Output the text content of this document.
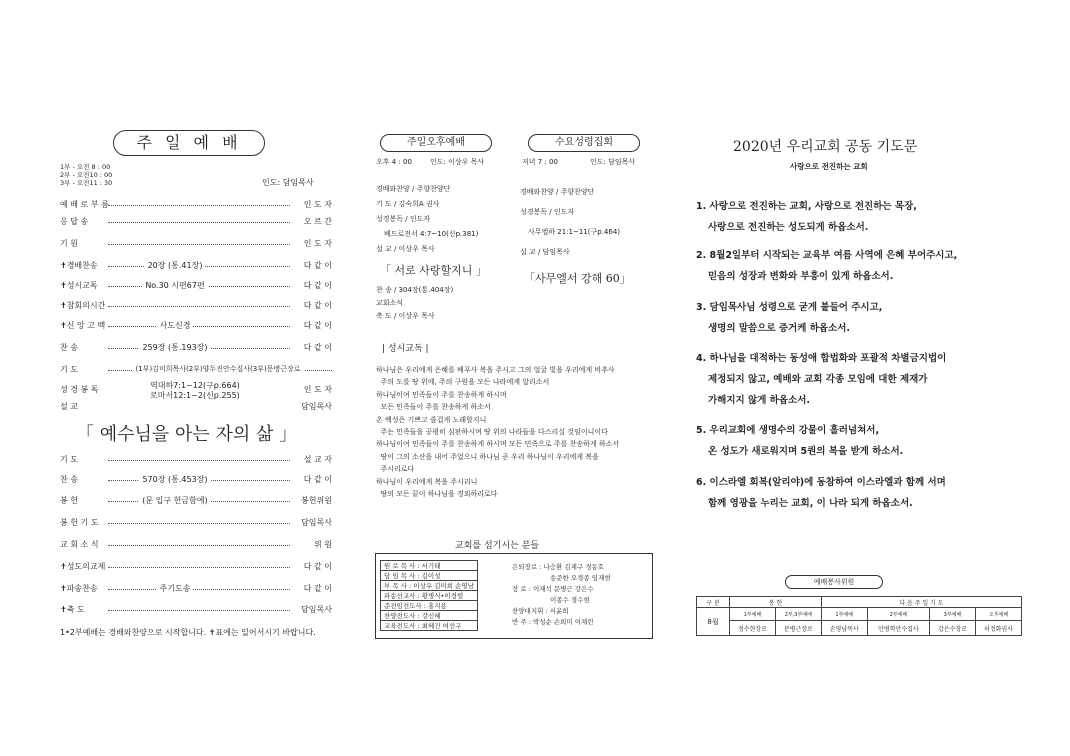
주 일 예 배
1부 - 오전 8 : 00
2부 - 오전10 : 00
3부 - 오전11 : 30	인도: 담임목사
예 배 로 부 름	인 도 자
응 답 송	오 르 간
기 원	인 도 자
✝경배찬송	20장 (통.41장)	다 같 이
✝성시교독	No.30 시편67편	다 같 이
✝참회의시간	다 같 이
✝신 앙 고 백	사도신경	다 같 이
찬 송	259장 (통.193장)	다 같 이
기 도	(1부)김미희목사(2부)양두진안수집사(3부)문병근장로
성 경 봉 독	역대하7:1~12(구p.664)
로마서12:1~2(신p.255)
인 도 자
설 교	담임목사
「 예수님을 아는 자의 삶 」
기 도	설 교 자
찬 송	570장 (통.453장)	다 같 이
봉 헌	(문 입구 헌금함에)	봉헌위원
봉 헌 기 도	담임목사
교 회 소 식	위 원
✝성도의교제	다 같 이
✝파송찬송	주기도송	다 같 이
✝축 도	담임목사
1•2부예배는 경배와찬양으로 시작합니다. ✝표에는 일어서시기 바랍니다.
주일오후예배	수요성령집회
오후 4 : 00	인도: 이상우 목사	저녁 7 : 00	인도: 담임목사
경배와찬양 / 주향찬양단
기 도 / 김숙희A 권사
성경봉독 / 인도자
베드로전서 4:7~10(신p.381)
설 교 / 이상우 목사
「 서로 사랑할지니 」
찬 송 / 304장(통.404장)
교회소식
축 도 / 이상우 목사
경배와찬양 / 주향찬양단
성경봉독 / 인도자
사무엘하 21:1~11(구p.464)
설 교 / 담임목사
「사무엘서 강해 60」
| 성시교독 |
하나님은 우리에게 은혜를 베푸사 복을 주시고 그의 얼굴 빛을 우리에게 비추사
주의 도를 땅 위에, 주의 구원을 모든 나라에게 알리소서
하나님이여 민족들이 주를 찬송하게 하시며
모든 민족들이 주를 찬송하게 하소서
온 백성은 기쁘고 즐겁게 노래할지니
주는 민족들을 공평히 심판하시며 땅 위의 나라들을 다스리실 것임이니이다
하나님이여 민족들이 주를 찬송하게 하시며 모든 민족으로 주를 찬송하게 하소서
땅이 그의 소산을 내어 주었으니 하나님 곧 우리 하나님이 우리에게 복을
주시리로다
하나님이 우리에게 복을 주시리니
땅의 모든 끝이 하나님을 경외하리로다
교회를 섬기시는 분들
원 로 목 사 : 서기태
담 임 목 사 : 김이성
부 목 사 : 이상우 김미희 손영남
파송선교사 : 황병식•이경렬
준전임전도사 : 홍지용
찬양전도사 : 강신혜
교육전도사 : 최혜건 여선구
은퇴장로 : 나승환 김재구 경동호
송준한 오경종 임재현
장 로 : 이재석 문병근 강은수
이종수 경수현
찬양대지휘 : 서윤희
반 주 : 박성순 손희미 이채린
2020년 우리교회 공동 기도문
사랑으로 전진하는 교회
1. 사랑으로 전진하는 교회, 사랑으로 전진하는 목장,
사랑으로 전진하는 성도되게 하옵소서.
2. 8월2일부터 시작되는 교육부 여름 사역에 은혜 부어주시고,
믿음의 성장과 변화와 부흥이 있게 하옵소서.
3. 담임목사님 성령으로 굳게 붙들어 주시고,
생명의 말씀으로 증거케 하옵소서.
4. 하나님을 대적하는 동성애 합법화와 포괄적 차별금지법이
제정되지 않고, 예배와 교회 각종 모임에 대한 제재가
가해지지 않게 하옵소서.
5. 우리교회에 생명수의 강물이 흘러넘쳐서,
온 성도가 새로워지며 5퀀의 복을 받게 하소서.
6. 이스라엘 회복(알리야)에 동참하여 이스라엘과 함께 서며
함께 영광을 누리는 교회, 이 나라 되게 하옵소서.
예배봉사위원
구 분	봉 헌		다 음 주 일 기 도			
8월	1부예배	2부,3부예배	1부예배	2부예배	3부예배	오후예배
	정수현장로	문병근장로	손영남목사	안병학안수집사	강은수장로	허정화권사
